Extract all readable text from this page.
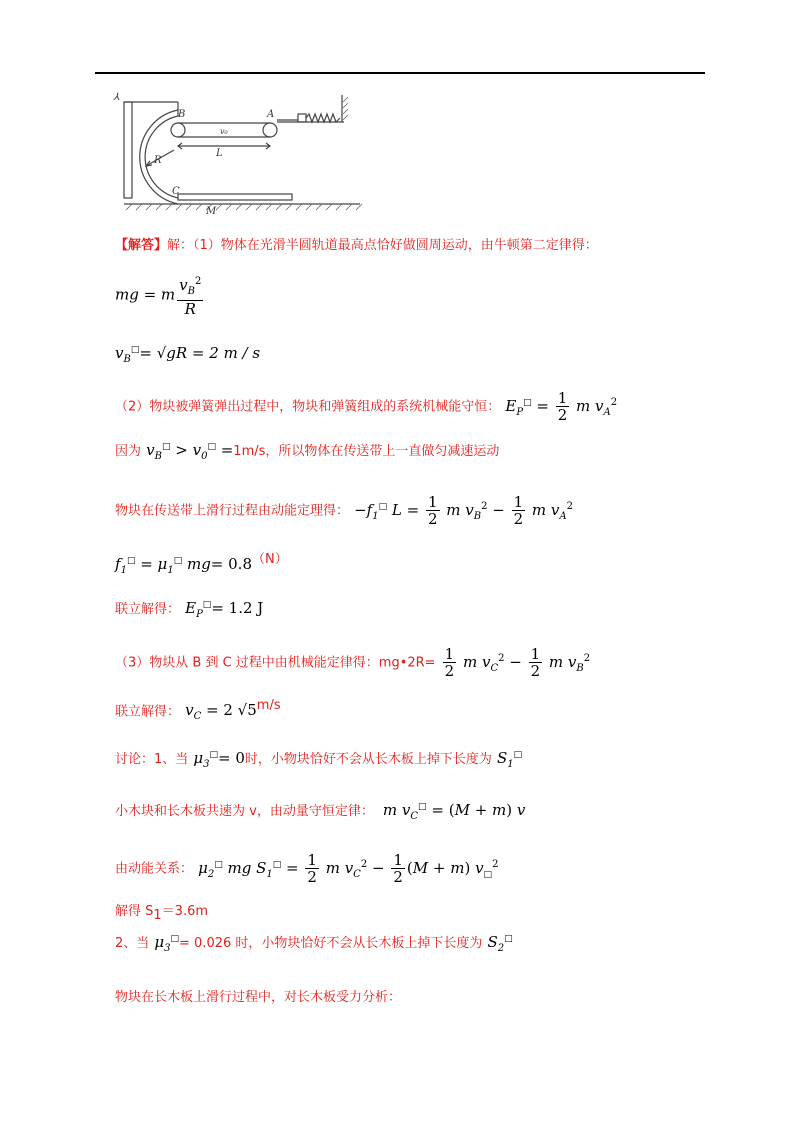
⅄
B	A
v₀
L
R
C
M
【解答】解：（1）物体在光滑半圆轨道最高点恰好做圆周运动，由牛顿第二定律得：
mg = m $\frac{v_B^2}{R}$
$v_B^□= √gR = 2$ m / s
（2）物块被弹簧弹出过程中，物块和弹簧组成的系统机械能守恒： $E_P^□ = \frac{1}{2}$ m $v_A^2$
因为 $v_B^□ > v_0^□ =1m/s$，所以物体在传送带上一直做匀减速运动
物块在传送带上滑行过程由动能定理得： $-f_1^□$ $L = \frac{1}{2}$ m $v_B^2 - \frac{1}{2}$ m $v_A^2$
$f_1^□ = \mu_1^□$ $mg= 0.8^{(N)}$
联立解得： $E_P^□= 1.2$ J
（3）物块从 B 到 C 过程中由机械能定律得：mg•2R= $\frac{1}{2}$ m $v_C^2 - \frac{1}{2}$ m $v_B^2$
联立解得： $v_C = 2$ $√5^{m/s}$
讨论：1、当 $\mu_3^□= 0$时，小物块恰好不会从长木板上掉下长度为 $S_1^□$
小木块和长木板共速为 v，由动量守恒定律： m $v_C^□ = (M + m)$ v
由动能关系： $\mu_2^□$ mg $S_1^□ = \frac{1}{2}$ m $v_C^2 - \frac{1}{2} (M + m)$ $v_□^2$
解得 $S_1=3.6m$
2、当 $\mu_3^□= 0.026$ 时，小物块恰好不会从长木板上掉下长度为 $S_2^□$
物块在长木板上滑行过程中，对长木板受力分析：
